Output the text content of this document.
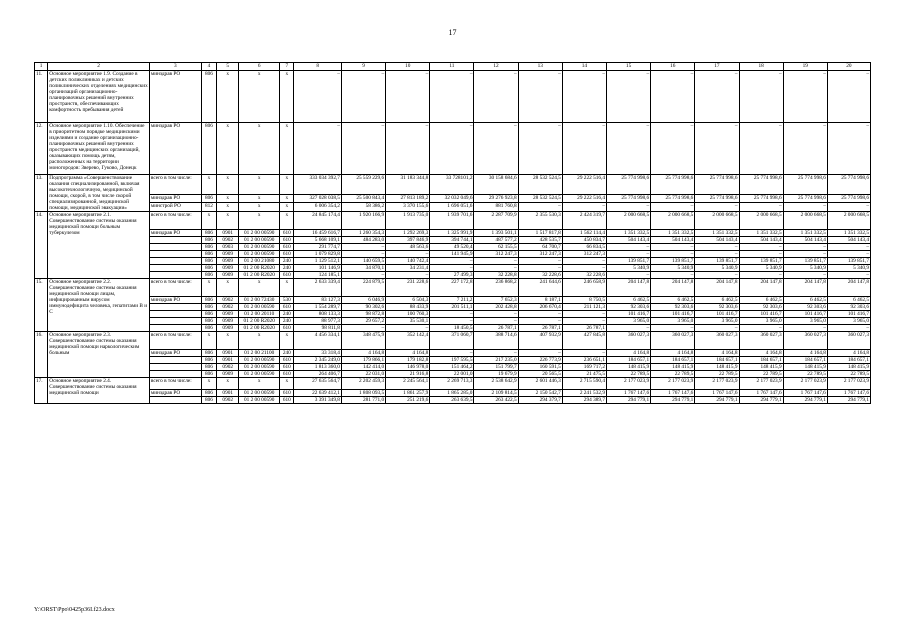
17
1	2	3	4	5	6	7	8	9	10	11	12	13	14	15	16	17	18	19	20
11.	Основное мероприятие 1.9. Создание в детских поликлиниках и детских поликлинических отделениях медицинских организаций организационно-планировочных решений внутренних пространств, обеспечивающих комфортность пребывания детей	минздрав РО	806	x	x	x	–	–	–	–	–	–	–	–	–	–	–	–	–
12.	Основное мероприятие 1.10. Обеспечение в приоритетном порядке медицинскими изделиями и создание организационно-планировочных решений внутренних пространств медицинских организаций, оказывающих помощь детям, расположенных на территории моногородов: Зверево, Гуково, Донецк	минздрав РО	806	x	x	x	–	–	–	–	–	–	–	–	–	–	–	–	–
13.	Подпрограмма «Совершенствование оказания специализированной, включая высокотехнологичную, медицинской помощи, скорой, в том числе скорой специализированной, медицинской помощи, медицинской эвакуации»	всего в том числе:	x	x	x	x	333 034 392,7	25 559 229,6	31 183 344,8	33 728101,2	30 158 684,6	28 532 524,5	29 222 516,4	25 774 998,6	25 774 998,6	25 774 998,6	25 774 998,6	25 774 998,6	25 774 998,6
		минздрав РО	806	x	x	x	327 028 038,5	25 500 843,4	27 813 189,2	32 032 049,6	29 276 923,8	28 532 524,5	29 222 516,4	25 774 998,6	25 774 998,6	25 774 998,6	25 774 998,6	25 774 998,6	25 774 998,6
		минстрой РО	812	x	x	x	6 006 354,2	58 386,2	3 370 155,6	1 696 051,6	881 760,8	–	–	–	–	–	–	–	–
14.	Основное мероприятие 2.1. Совершенствование системы оказания медицинской помощи больным туберкулезом	всего в том числе:	x	x	x	x	24 845 174,4	1 920 166,9	1 913 735,0	1 939 701,6	2 287 709,9	2 355 530,3	2 424 319,7	2 000 668,5	2 000 668,5	2 000 668,5	2 000 668,5	2 000 668,5	2 000 668,5
		минздрав РО	806	0901	01 2 00 00590	610	16 459 616,7	1 260 354,3	1 292 269,3	1 325 991,9	1 393 501,1	1 517 817,8	1 562 114,4	1 351 332,5	1 351 332,5	1 351 332,5	1 351 332,5	1 351 332,5	1 351 332,5
			806	0902	01 2 00 00590	610	5 668 109,1	484 283,0	397 846,9	394 744,1	487 577,2	428 535,7	450 834,7	504 143,4	504 143,4	504 143,4	504 143,4	504 143,4	504 143,4
			806	0903	01 2 00 00590	610	291 774,7	–	48 563,6	49 520,4	62 155,5	64 700,7	66 834,5	–	–	–	–	–	–
			806	0909	01 2 00 00590	610	1 079 829,8	–	–	141 945,9	312 247,3	312 247,3	312 247,3	–	–	–	–	–	–
			806	0909	01 2 00 21080	240	1 129 512,1	140 659,5	140 742,4	–	–	–	–	139 851,7	139 851,7	139 851,7	139 851,7	139 851,7	139 851,7
			806	0909	01 2 00 R2020	240	101 146,9	34 870,1	34 231,4	–	–	–	–	5 340,9	5 340,9	5 340,9	5 340,9	5 340,9	5 340,9
			806	0909	01 2 00 R2020	610	124 185,1	–	–	27 499,3	32 228,8	32 228,6	32 228,6	–	–	–	–	–	–
15.	Основное мероприятие 2.2. Совершенствование системы оказания медицинской помощи лицам, инфицированным вирусом иммунодефицита человека, гепатитами B и C	всего в том числе:	x	x	x	x	2 633 339,4	224 879,5	231 228,6	227 172,8	236 868,2	241 644,6	246 658,9	204 147,8	204 147,8	204 147,8	204 147,8	204 147,8	204 147,8
		минздрав РО	806	0902	01 2 00 72430	530	83 127,3	6 046,9	6 504,3	7 211,2	7 652,3	8 187,1	8 750,5	6 462,5	6 462,5	6 462,5	6 462,5	6 462,5	6 462,5
			806	0902	01 2 00 00590	610	1 554 289,7	90 302,6	88 433,9	201 511,1	202 428,8	206 670,4	211 121,3	92 303,6	92 303,6	92 303,6	92 303,6	92 303,6	92 303,6
			806	0909	01 2 00 20110	240	808 133,3	98 872,8	100 760,3	–	–	–	–	101 416,7	101 416,7	101 416,7	101 416,7	101 416,7	101 416,7
			806	0909	01 2 00 R2020	240	88 977,3	29 657,2	35 530,1	–	–	–	–	3 965,0	3 965,0	3 965,0	3 965,0	3 965,0	3 965,0
			806	0909	01 2 00 R2020	610	98 811,8	–	–	18 450,5	26 787,1	26 787,1	26 787,1	–	–	–	–	–	–
16.	Основное мероприятие 2.3. Совершенствование системы оказания медицинской помощи наркологическим больным	всего в том числе:	x	x	x	x	4 456 334,1	348 475,9	352 142,4	371 060,7	388 714,6	407 932,9	427 845,8	360 027,3	360 027,3	360 027,3	360 027,3	360 027,3	360 027,3
		минздрав РО	806	0901	01 2 00 21100	240	33 318,4	4 164,8	4 164,8	–	–	–	–	4 164,8	4 164,8	4 164,8	4 164,8	4 164,8	4 164,8
			806	0901	01 2 00 00590	610	2 345 249,0	179 866,1	179 182,8	197 595,5	217 235,0	226 773,9	236 651,1	184 657,1	184 657,1	184 657,1	184 657,1	184 657,1	184 657,1
			806	0902	01 2 00 00590	610	1 813 360,0	142 414,0	146 978,0	151 464,2	151 799,7	160 591,5	169 717,2	148 415,9	148 415,9	148 415,9	148 415,9	148 415,9	148 415,9
			806	0909	01 2 00 00590	610	264 406,7	22 031,0	21 916,8	22 001,0	19 679,9	20 565,5	21 475,5	22 789,5	22 789,5	22 789,5	22 789,5	22 789,5	22 789,5
17.	Основное мероприятие 2.4. Совершенствование системы оказания медицинской помощи	всего в том числе:	x	x	x	x	27 635 564,7	2 202 459,3	2 245 564,1	2 269 713,3	2 538 642,9	2 601 446,3	2 715 590,4	2 177 023,9	2 177 023,9	2 177 023,9	2 177 023,9	2 177 023,9	2 177 023,9
		минздрав РО	806	0901	01 2 00 00590	610	22 639 412,1	1 808 093,5	1 861 257,9	1 865 285,0	2 109 814,5	2 150 542,7	2 241 532,9	1 767 147,6	1 767 147,6	1 767 147,6	1 767 147,6	1 767 147,6	1 767 147,6
			806	0902	01 2 00 00590	610	3 391 349,8	281 771,0	251 219,6	263 639,5	263 422,5	294 379,7	294 389,7	294 779,1	294 779,1	294 779,1	294 779,1	294 779,1	294 779,1
Y:\ORST\Ppo\0425p36I.f23.docx
